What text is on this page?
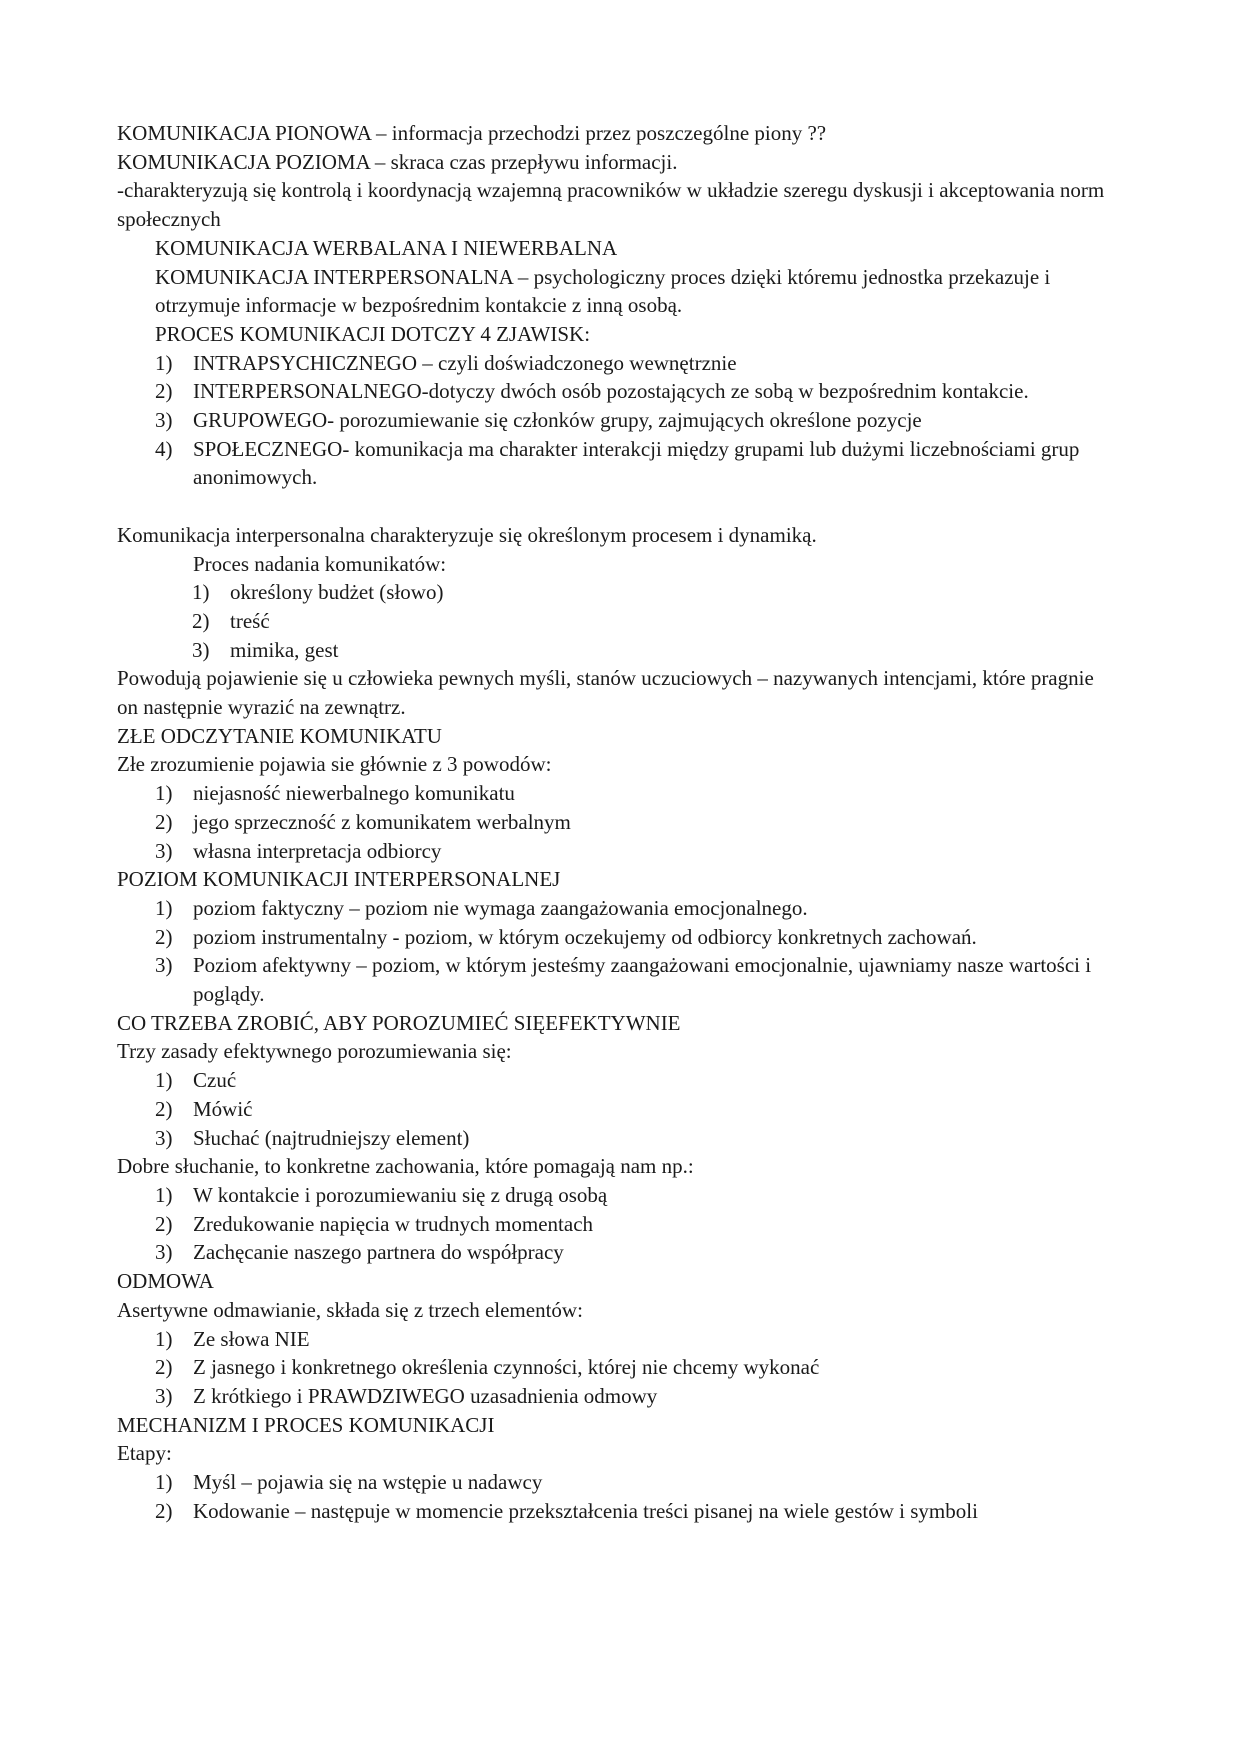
KOMUNIKACJA PIONOWA – informacja przechodzi przez poszczególne piony ??

KOMUNIKACJA POZIOMA – skraca czas przepływu informacji.

-charakteryzują się kontrolą i koordynacją wzajemną pracowników w układzie szeregu dyskusji i akceptowania norm społecznych

KOMUNIKACJA WERBALANA I NIEWERBALNA

KOMUNIKACJA INTERPERSONALNA – psychologiczny proces dzięki któremu jednostka przekazuje i otrzymuje informacje w bezpośrednim kontakcie z inną osobą.

PROCES KOMUNIKACJI DOTCZY 4 ZJAWISK:

1) INTRAPSYCHICZNEGO – czyli doświadczonego wewnętrznie
2) INTERPERSONALNEGO-dotyczy dwóch osób pozostających ze sobą w bezpośrednim kontakcie.
3) GRUPOWEGO- porozumiewanie się członków grupy, zajmujących określone pozycje
4) SPOŁECZNEGO- komunikacja ma charakter interakcji między grupami lub dużymi liczebnościami grup anonimowych.

Komunikacja interpersonalna charakteryzuje się określonym procesem i dynamiką.

Proces nadania komunikatów:

1) określony budżet (słowo)
2) treść
3) mimika, gest

Powodują pojawienie się u człowieka pewnych myśli, stanów uczuciowych – nazywanych intencjami, które pragnie on następnie wyrazić na zewnątrz.

ZŁE ODCZYTANIE KOMUNIKATU

Złe zrozumienie pojawia sie głównie z 3 powodów:

1) niejasność niewerbalnego komunikatu
2) jego sprzeczność z komunikatem werbalnym
3) własna interpretacja odbiorcy

POZIOM KOMUNIKACJI INTERPERSONALNEJ

1) poziom faktyczny – poziom nie wymaga zaangażowania emocjonalnego.
2) poziom instrumentalny - poziom, w którym oczekujemy od odbiorcy konkretnych zachowań.
3) Poziom afektywny – poziom, w którym jesteśmy zaangażowani emocjonalnie, ujawniamy nasze wartości i poglądy.

CO TRZEBA ZROBIĆ, ABY POROZUMIEĆ SIĘEFEKTYWNIE

Trzy zasady efektywnego porozumiewania się:

1) Czuć
2) Mówić
3) Słuchać (najtrudniejszy element)

Dobre słuchanie, to konkretne zachowania, które pomagają nam np.:

1) W kontakcie i porozumiewaniu się z drugą osobą
2) Zredukowanie napięcia w trudnych momentach
3) Zachęcanie naszego partnera do współpracy

ODMOWA

Asertywne odmawianie, składa się z trzech elementów:

1) Ze słowa NIE
2) Z jasnego i konkretnego określenia czynności, której nie chcemy wykonać
3) Z krótkiego i PRAWDZIWEGO uzasadnienia odmowy

MECHANIZM I PROCES KOMUNIKACJI

Etapy:

1) Myśl – pojawia się na wstępie u nadawcy
2) Kodowanie – następuje w momencie przekształcenia treści pisanej na wiele gestów i symboli
